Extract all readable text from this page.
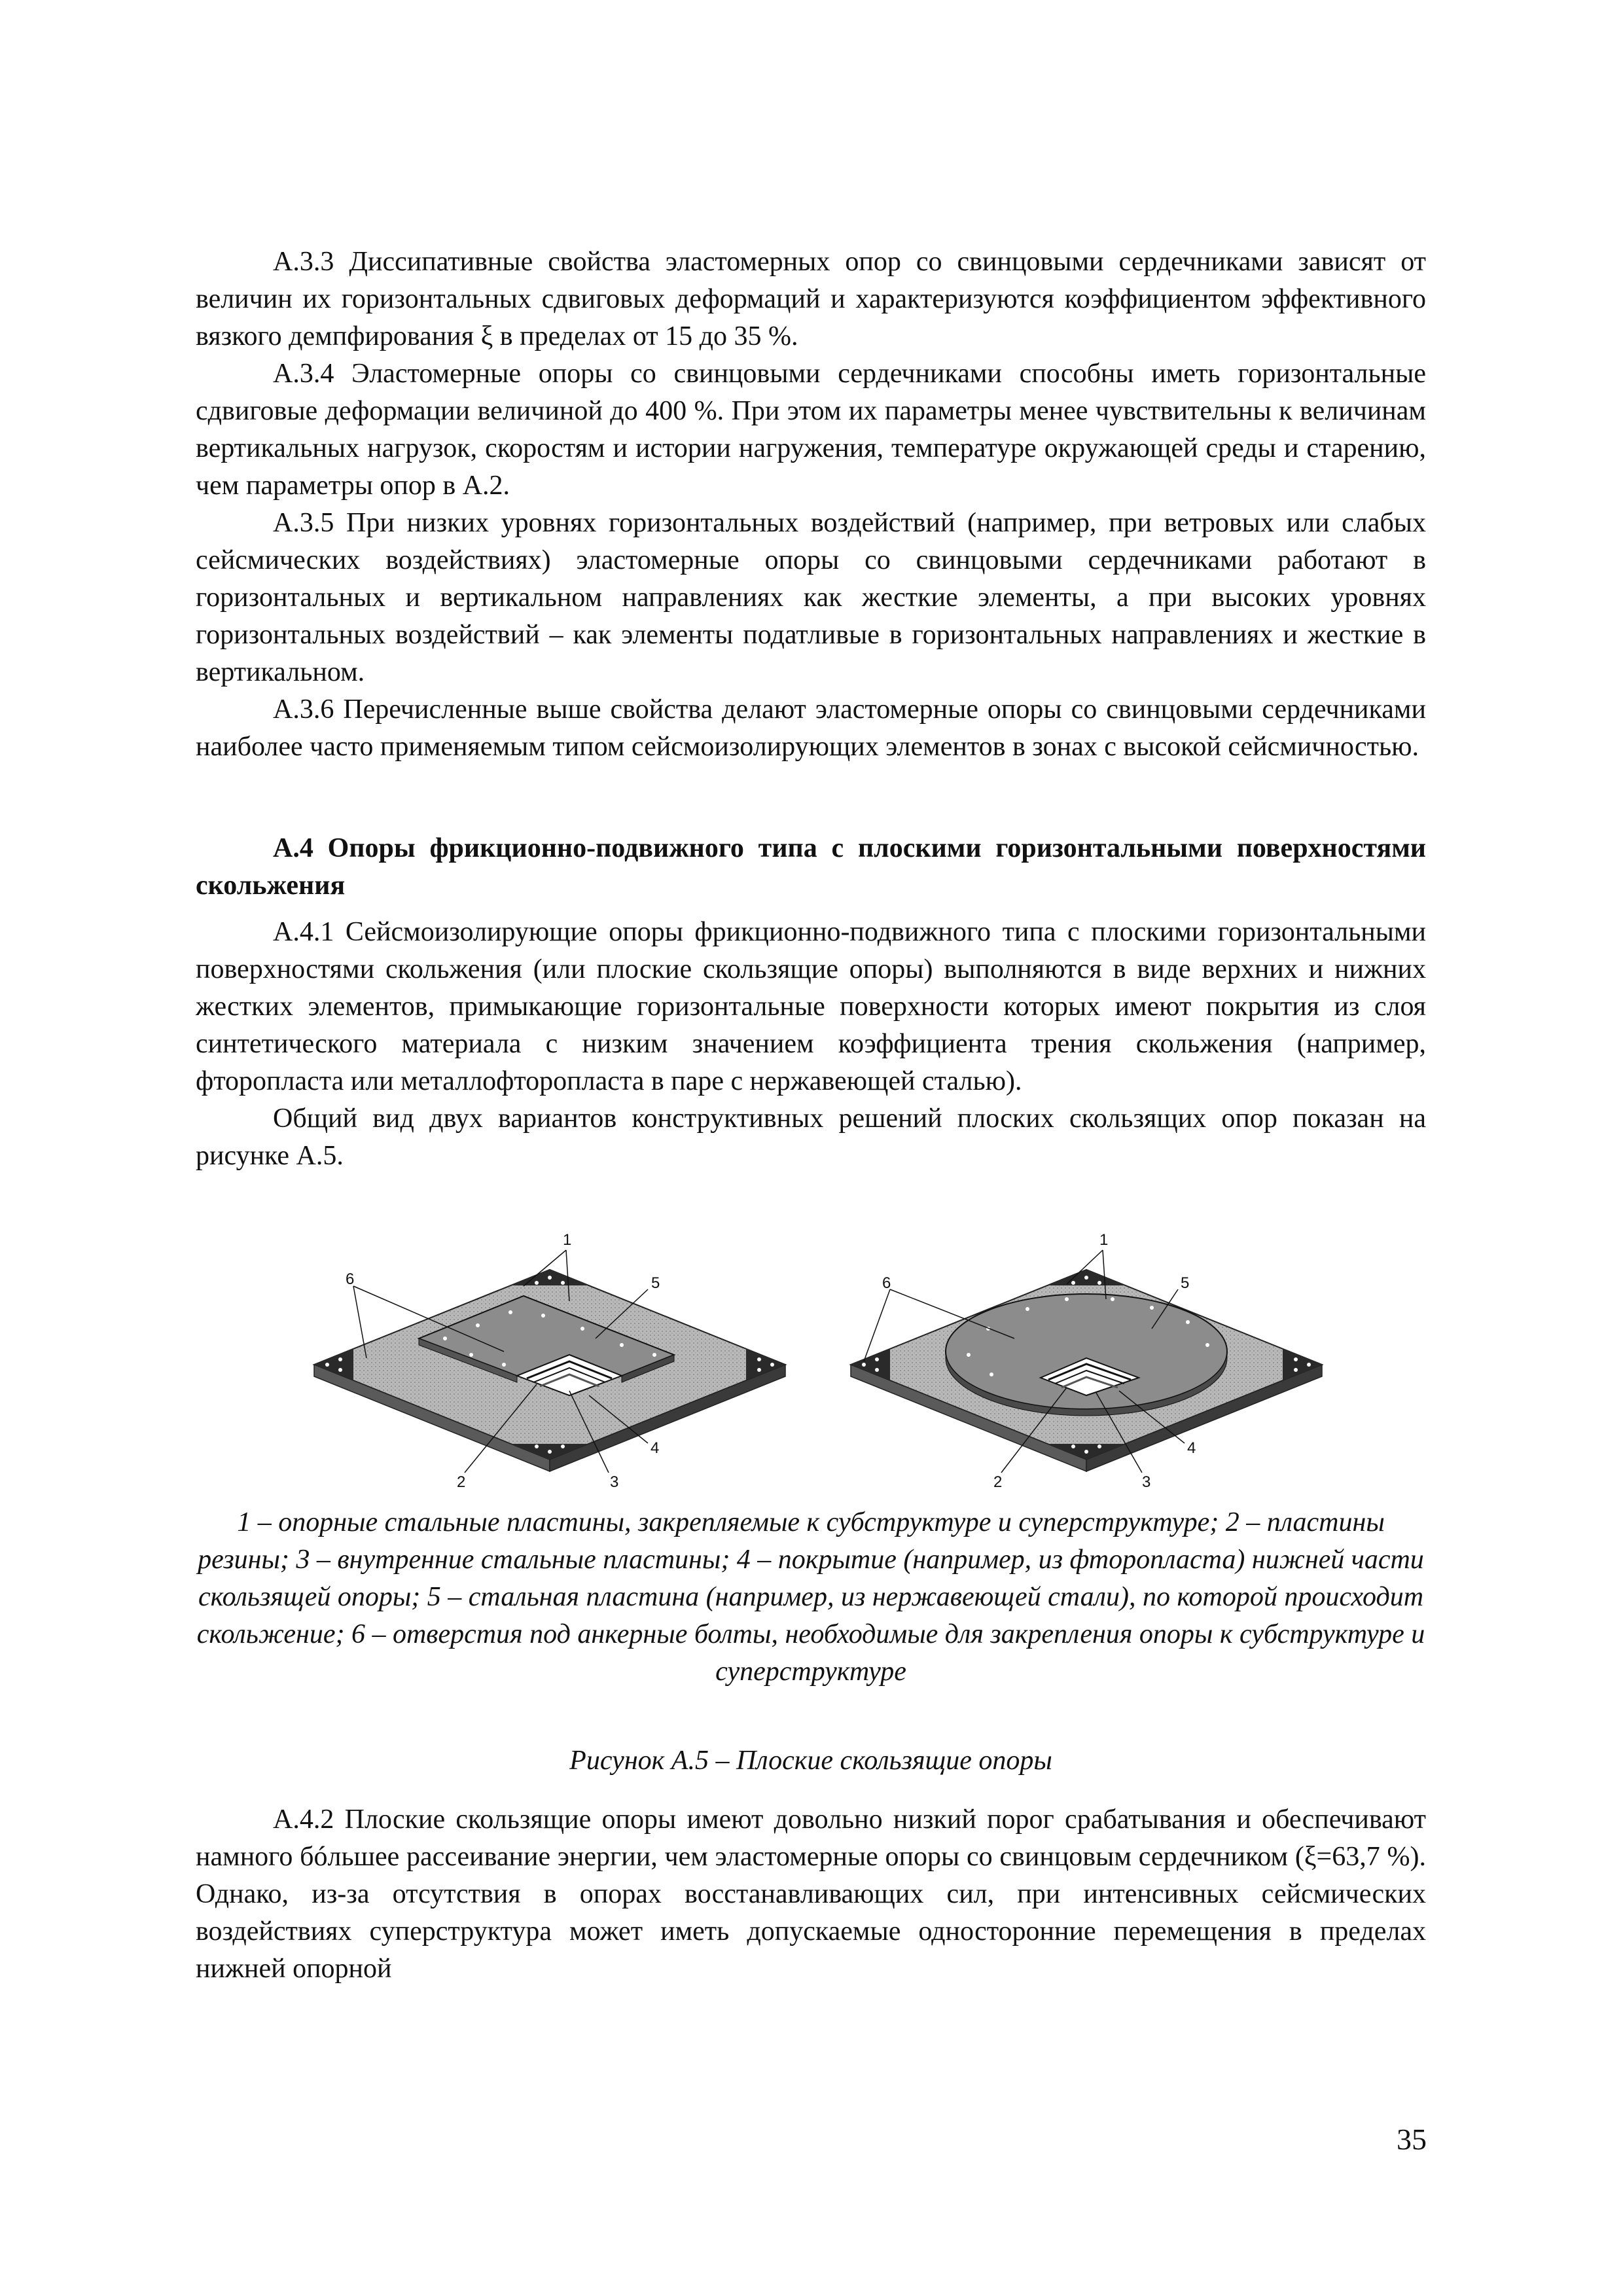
А.3.3 Диссипативные свойства эластомерных опор со свинцовыми сердечниками зависят от величин их горизонтальных сдвиговых деформаций и характеризуются коэффициентом эффективного вязкого демпфирования ξ в пределах от 15 до 35 %.

А.3.4 Эластомерные опоры со свинцовыми сердечниками способны иметь горизонтальные сдвиговые деформации величиной до 400 %. При этом их параметры менее чувствительны к величинам вертикальных нагрузок, скоростям и истории нагружения, температуре окружающей среды и старению, чем параметры опор в А.2.

А.3.5 При низких уровнях горизонтальных воздействий (например, при ветровых или слабых сейсмических воздействиях) эластомерные опоры со свинцовыми сердечниками работают в горизонтальных и вертикальном направлениях как жесткие элементы, а при высоких уровнях горизонтальных воздействий – как элементы податливые в горизонтальных направлениях и жесткие в вертикальном.

А.3.6 Перечисленные выше свойства делают эластомерные опоры со свинцовыми сердечниками наиболее часто применяемым типом сейсмоизолирующих элементов в зонах с высокой сейсмичностью.

А.4 Опоры фрикционно-подвижного типа с плоскими горизонтальными поверхностями скольжения

А.4.1 Сейсмоизолирующие опоры фрикционно-подвижного типа с плоскими горизонтальными поверхностями скольжения (или плоские скользящие опоры) выполняются в виде верхних и нижних жестких элементов, примыкающие горизонтальные поверхности которых имеют покрытия из слоя синтетического материала с низким значением коэффициента трения скольжения (например, фторопласта или металлофторопласта в паре с нержавеющей сталью).

Общий вид двух вариантов конструктивных решений плоских скользящих опор показан на рисунке А.5.

1
6	5
2	3
4
1
6	5
2	3
4

1 – опорные стальные пластины, закрепляемые к субструктуре и суперструктуре; 2 – пластины резины; 3 – внутренние стальные пластины; 4 – покрытие (например, из фторопласта) нижней части скользящей опоры; 5 – стальная пластина (например, из нержавеющей стали), по которой происходит скольжение; 6 – отверстия под анкерные болты, необходимые для закрепления опоры к субструктуре и суперструктуре

Рисунок А.5 – Плоские скользящие опоры

А.4.2 Плоские скользящие опоры имеют довольно низкий порог срабатывания и обеспечивают намного бóльшее рассеивание энергии, чем эластомерные опоры со свинцовым сердечником (ξ=63,7 %). Однако, из-за отсутствия в опорах восстанавливающих сил, при интенсивных сейсмических воздействиях суперструктура может иметь допускаемые односторонние перемещения в пределах нижней опорной

35
